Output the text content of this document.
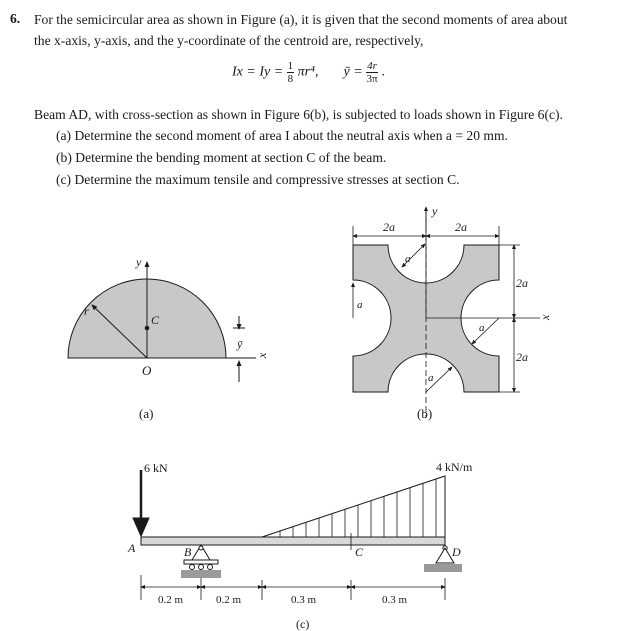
6. For the semicircular area as shown in Figure (a), it is given that the second moments of area about
the x-axis, y-axis, and the y-coordinate of the centroid are, respectively,
$Ix = Iy = \frac{1}{8} \pi r^4$, ȳ = $\frac{4r}{3\pi}$ .
Beam AD, with cross-section as shown in Figure 6(b), is subjected to loads shown in Figure 6(c).
(a) Determine the second moment of area I about the neutral axis when a = 20 mm.
(b) Determine the bending moment at section C of the beam.
(c) Determine the maximum tensile and compressive stresses at section C.
y
r
C
O
ȳ
x
(a)
2a	2a
y
2a
2a
x
a
a
a
a
(b)
6 kN	4 kN/m
A	B	C	D
0.2 m	0.2 m	0.3 m	0.3 m
(c)
